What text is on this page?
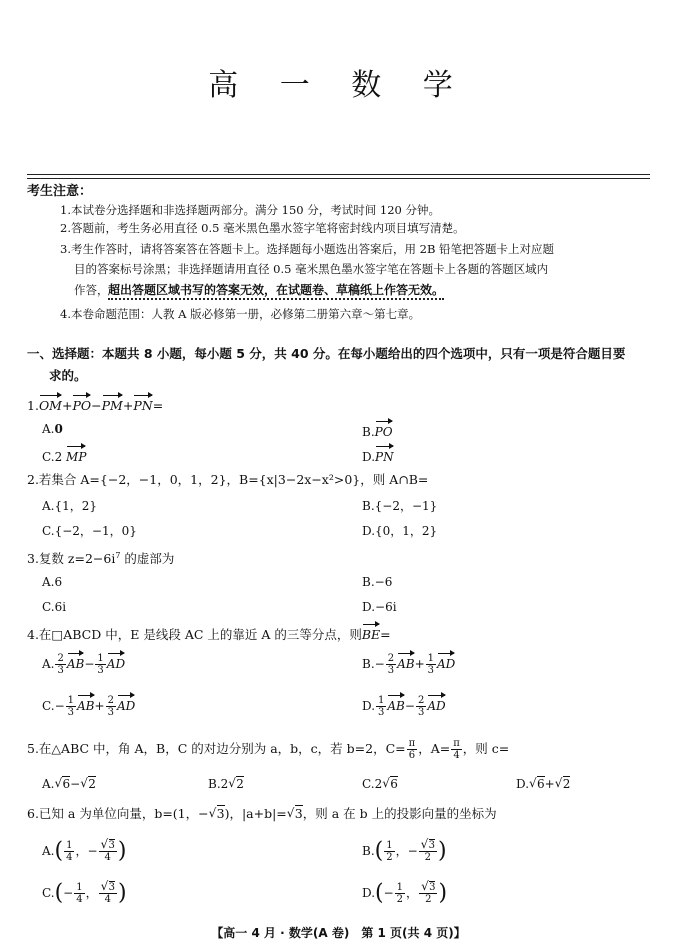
高 一 数 学
考生注意：
1.本试卷分选择题和非选择题两部分。满分 150 分，考试时间 120 分钟。
2.答题前，考生务必用直径 0.5 毫米黑色墨水签字笔将密封线内项目填写清楚。
3.考生作答时，请将答案答在答题卡上。选择题每小题选出答案后，用 2B 铅笔把答题卡上对应题
目的答案标号涂黑；非选择题请用直径 0.5 毫米黑色墨水签字笔在答题卡上各题的答题区域内
作答， 超出答题区域书写的答案无效，在试题卷、草稿纸上作答无效。
4.本卷命题范围：人教 A 版必修第一册，必修第二册第六章～第七章。
一、选择题：本题共 8 小题，每小题 5 分，共 40 分。在每小题给出的四个选项中，只有一项是符合题目要
求的。
1.OM+PO−PM+PN=
A.0	B.PO
C.2 MP	D.PN
2.若集合 A={−2，−1，0，1，2}，B={x|3−2x−x²>0}，则 A∩B=
A.{1，2}	B.{−2，−1}
C.{−2，−1，0}	D.{0，1，2}
3.复数 $z=2-6i^7$ 的虚部为
A.6	B.−6
C.6i	D.−6i
4.在□ABCD 中，E 是线段 AC 上的靠近 A 的三等分点，则BE=
A. $\frac{2}{3} AB- \frac{1}{3}$ AD	$B.- \frac{2}{3} AB+ \frac{1}{3}$ AD
$C.- \frac{1}{3} AB+ \frac{2}{3}$ AD	D. $\frac{1}{3} AB- \frac{2}{3}$ AD
5.在△ABC 中，角 A，B，C 的对边分别为 a，b，c，若 b=2，$C= \frac{\pi}{6}$ ，$A= \frac{\pi}{4}$ ，则 c=
A. √ 6− √ 2	B.2 √ 2	C.2 √ 6	D. √ 6+ √ 2
6.已知 a 为单位向量，b=(1，− √ 3)，|a+b|= √ 3，则 a 在 b 上的投影向量的坐标为
$A.( \frac{1}{4}$ ，− √ $\frac{3}{4}$ )	$B.( \frac{1}{2}$ ，− √ $\frac{3}{2}$ )
$C.(- \frac{1}{4}$ ， √ $\frac{3}{4}$ )	$D.(- \frac{1}{2}$ ， √ $\frac{3}{2}$ )
【高一 4 月 · 数学(A 卷)　第 1 页(共 4 页)】
